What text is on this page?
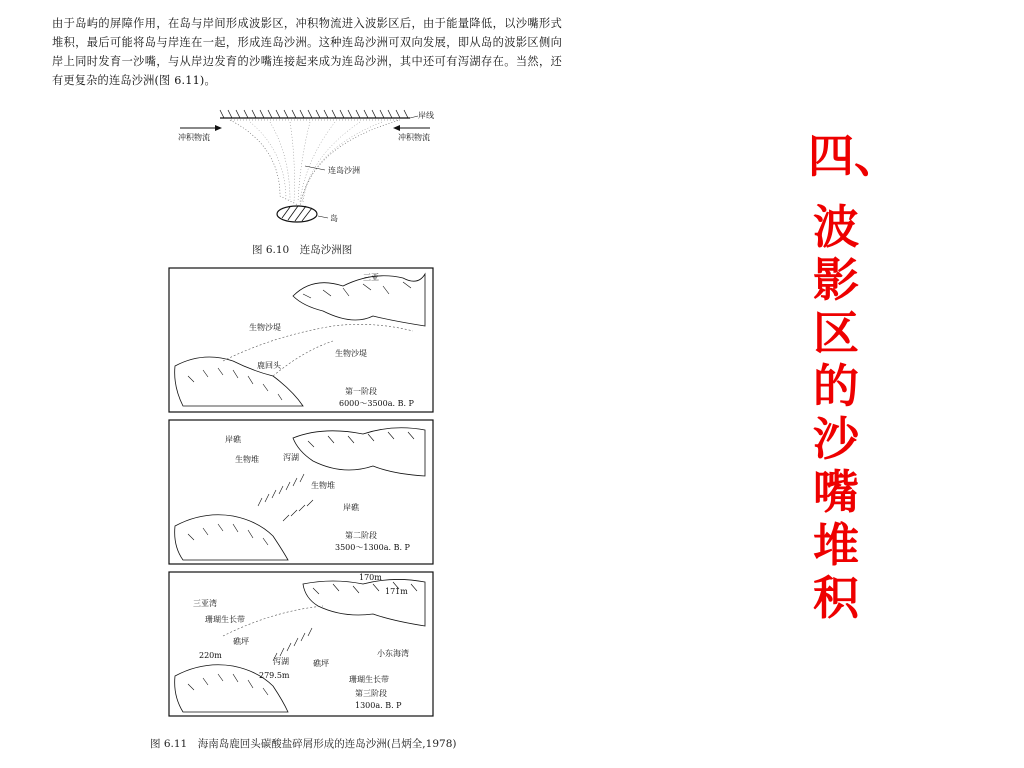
由于岛屿的屏障作用，在岛与岸间形成波影区，冲积物流进入波影区后，由于能量降低，以沙嘴形式堆积，最后可能将岛与岸连在一起，形成连岛沙洲。这种连岛沙洲可双向发展，即从岛的波影区侧向岸上同时发育一沙嘴，与从岸边发育的沙嘴连接起来成为连岛沙洲，其中还可有泻湖存在。当然，还有更复杂的连岛沙洲(图 6.11)。

岸线
冲积物流	冲积物流
连岛沙洲
岛
图 6.10　连岛沙洲图
三亚
生物沙堤
鹿回头
生物沙堤
第一阶段
6000～3500a. B. P
岸礁
生物堆	泻湖
生物堆
岸礁
第二阶段
3500～1300a. B. P
170m
171m
三亚湾
珊瑚生长带
礁坪
220m
泻湖	礁坪
279.5m
小东海湾
珊瑚生长带
第三阶段
1300a. B. P
图 6.11　海南岛鹿回头碳酸盐碎屑形成的连岛沙洲(吕炳全,1978)
四、
波
影
区
的
沙
嘴
堆
积
